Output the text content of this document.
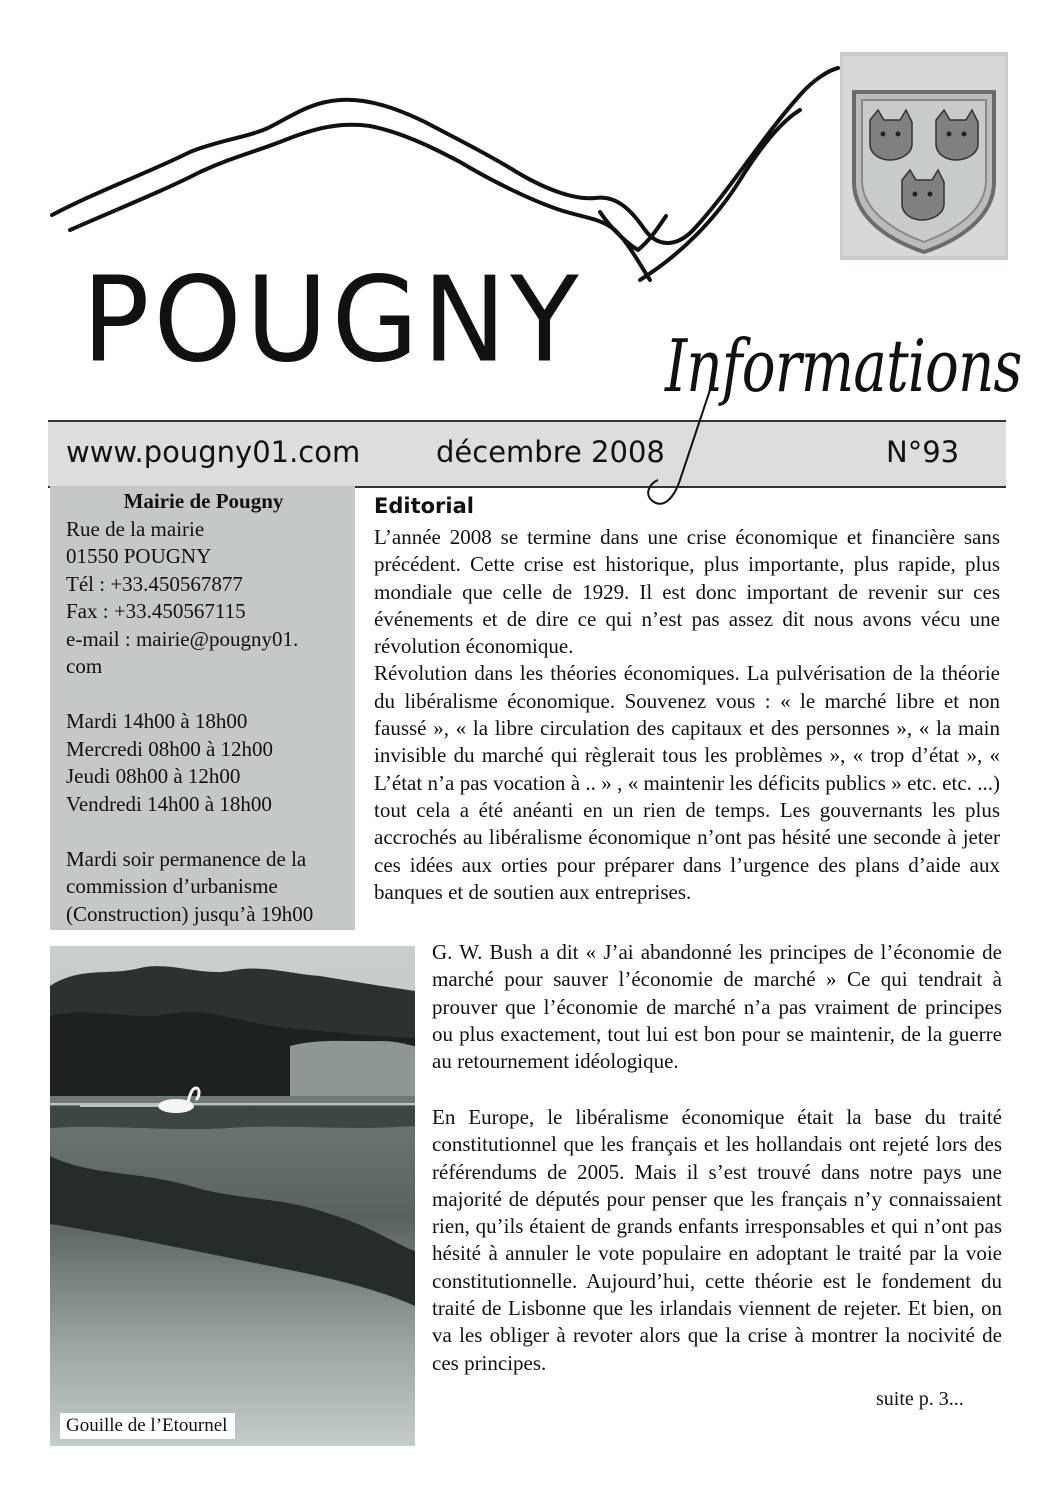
POUGNY
www.pougny01.com	décembre 2008	N°93
Informations
Mairie de Pougny
Rue de la mairie
01550 POUGNY
Tél : +33.450567877
Fax : +33.450567115
e-mail : mairie@pougny01.
com
Mardi 14h00 à 18h00
Mercredi 08h00 à 12h00
Jeudi 08h00 à 12h00
Vendredi 14h00 à 18h00
Mardi soir permanence de la
commission d’urbanisme
(Construction) jusqu’à 19h00
Editorial
L’année 2008 se termine dans une crise économique et financière sans précédent. Cette crise est historique, plus importante, plus rapide, plus mondiale que celle de 1929. Il est donc important de revenir sur ces événements et de dire ce qui n’est pas assez dit nous avons vécu une révolution économique.
Révolution dans les théories économiques. La pulvérisation de la théorie du libéralisme économique. Souvenez vous : « le marché libre et non faussé », « la libre circulation des capitaux et des personnes », « la main invisible du marché qui règlerait tous les problèmes », « trop d’état », « L’état n’a pas vocation à .. » , « maintenir les déficits publics » etc. etc. ...) tout cela a été anéanti en un rien de temps. Les gouvernants les plus accrochés au libéralisme économique n’ont pas hésité une seconde à jeter ces idées aux orties pour préparer dans l’urgence des plans d’aide aux banques et de soutien aux entreprises.

G. W. Bush a dit « J’ai abandonné les principes de l’économie de marché pour sauver l’économie de marché » Ce qui tendrait à prouver que l’économie de marché n’a pas vraiment de principes ou plus exactement, tout lui est bon pour se maintenir, de la guerre au retournement idéologique.

En Europe, le libéralisme économique était la base du traité constitutionnel que les français et les hollandais ont rejeté lors des référendums de 2005. Mais il s’est trouvé dans notre pays une majorité de députés pour penser que les français n’y connaissaient rien, qu’ils étaient de grands enfants irresponsables et qui n’ont pas hésité à annuler le vote populaire en adoptant le traité par la voie constitutionnelle. Aujourd’hui, cette théorie est le fondement du traité de Lisbonne que les irlandais viennent de rejeter. Et bien, on va les obliger à revoter alors que la crise à montrer la nocivité de ces principes.

suite p. 3...
Gouille de l’Etournel
